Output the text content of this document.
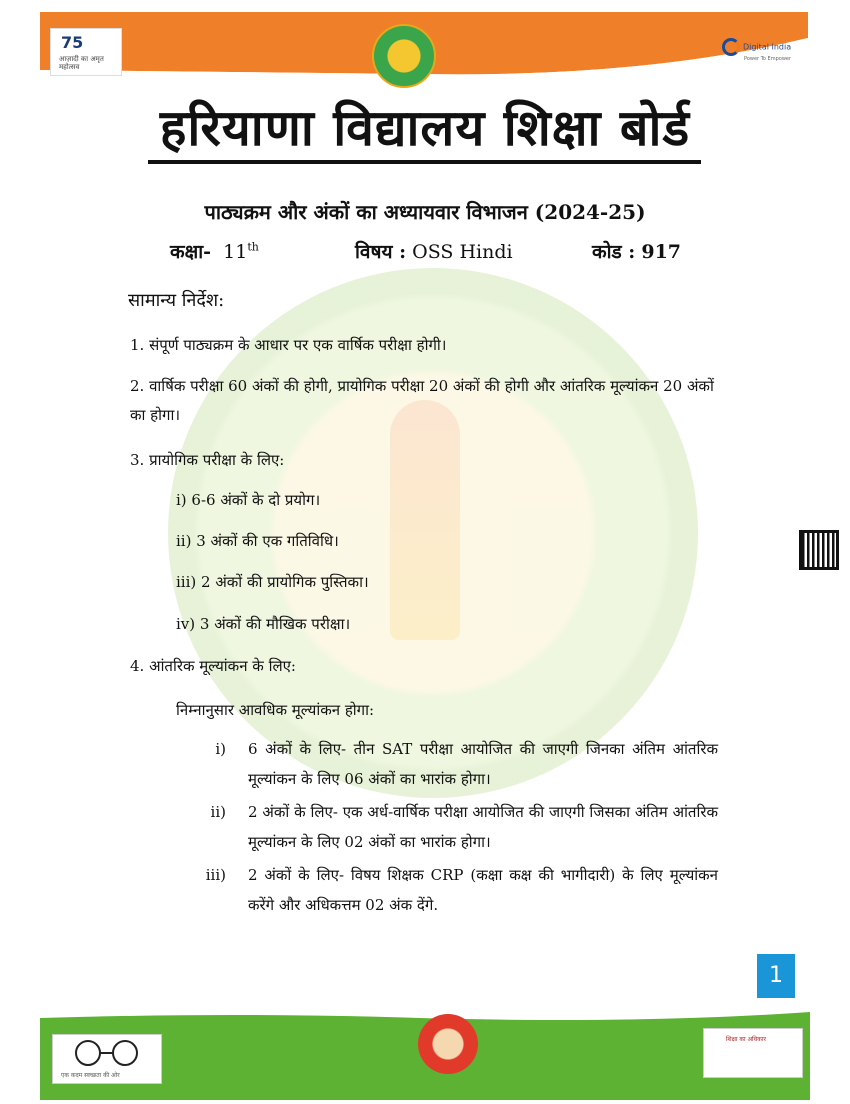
75
आज़ादी का अमृत महोत्सव
Digital India
Power To Empower
हरियाणा विद्यालय शिक्षा बोर्ड
पाठ्यक्रम और अंकों का अध्यायवार विभाजन (2024-25)
कक्षा- 11th	विषय : OSS Hindi	कोड : 917
सामान्य निर्देश:
1. संपूर्ण पाठ्यक्रम के आधार पर एक वार्षिक परीक्षा होगी।
2. वार्षिक परीक्षा 60 अंकों की होगी, प्रायोगिक परीक्षा 20 अंकों की होगी और आंतरिक मूल्यांकन 20 अंकों का होगा।
3. प्रायोगिक परीक्षा के लिए:
i) 6-6 अंकों के दो प्रयोग।
ii) 3 अंकों की एक गतिविधि।
iii) 2 अंकों की प्रायोगिक पुस्तिका।
iv) 3 अंकों की मौखिक परीक्षा।
4. आंतरिक मूल्यांकन के लिए:
निम्नानुसार आवधिक मूल्यांकन होगा:
i) 6 अंकों के लिए- तीन SAT परीक्षा आयोजित की जाएगी जिनका अंतिम आंतरिक मूल्यांकन के लिए 06 अंकों का भारांक होगा।
ii) 2 अंकों के लिए- एक अर्ध-वार्षिक परीक्षा आयोजित की जाएगी जिसका अंतिम आंतरिक मूल्यांकन के लिए 02 अंकों का भारांक होगा।
iii) 2 अंकों के लिए- विषय शिक्षक CRP (कक्षा कक्ष की भागीदारी) के लिए मूल्यांकन करेंगे और अधिकत्तम 02 अंक देंगे.
1
एक कदम स्वच्छता की ओर
शिक्षा का अधिकार
